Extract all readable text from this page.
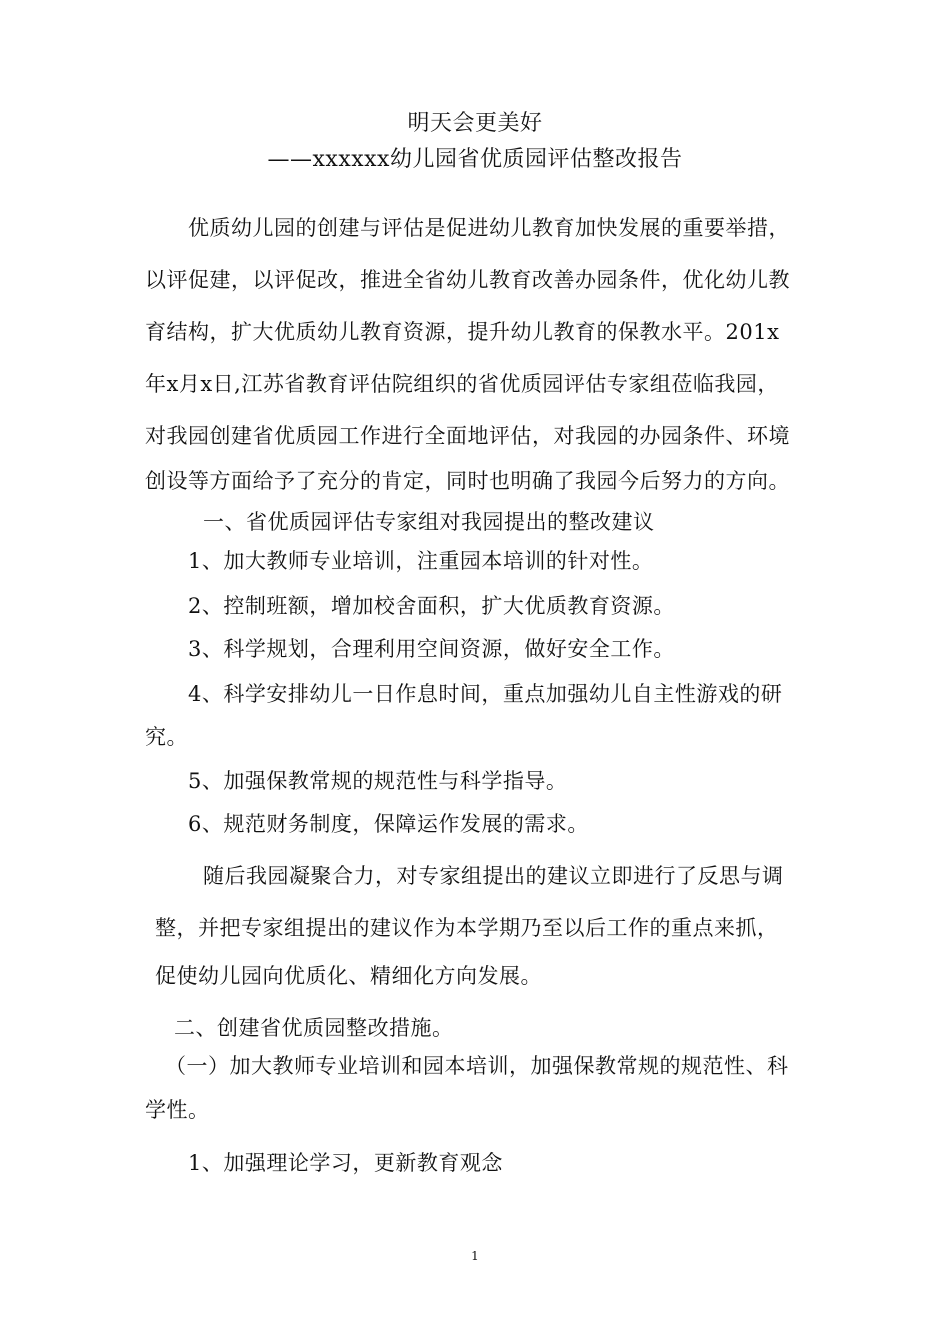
明天会更美好
——xxxxxx幼儿园省优质园评估整改报告
优质幼儿园的创建与评估是促进幼儿教育加快发展的重要举措，
以评促建，以评促改，推进全省幼儿教育改善办园条件，优化幼儿教
育结构，扩大优质幼儿教育资源，提升幼儿教育的保教水平。201x
年x月x日,江苏省教育评估院组织的省优质园评估专家组莅临我园，
对我园创建省优质园工作进行全面地评估，对我园的办园条件、环境
创设等方面给予了充分的肯定，同时也明确了我园今后努力的方向。
一、省优质园评估专家组对我园提出的整改建议
1、加大教师专业培训，注重园本培训的针对性。
2、控制班额，增加校舍面积，扩大优质教育资源。
3、科学规划，合理利用空间资源，做好安全工作。
4、科学安排幼儿一日作息时间，重点加强幼儿自主性游戏的研
究。
5、加强保教常规的规范性与科学指导。
6、规范财务制度，保障运作发展的需求。
随后我园凝聚合力，对专家组提出的建议立即进行了反思与调
整，并把专家组提出的建议作为本学期乃至以后工作的重点来抓，
促使幼儿园向优质化、精细化方向发展。
二、创建省优质园整改措施。
（一）加大教师专业培训和园本培训，加强保教常规的规范性、科
学性。
1、加强理论学习，更新教育观念
1
